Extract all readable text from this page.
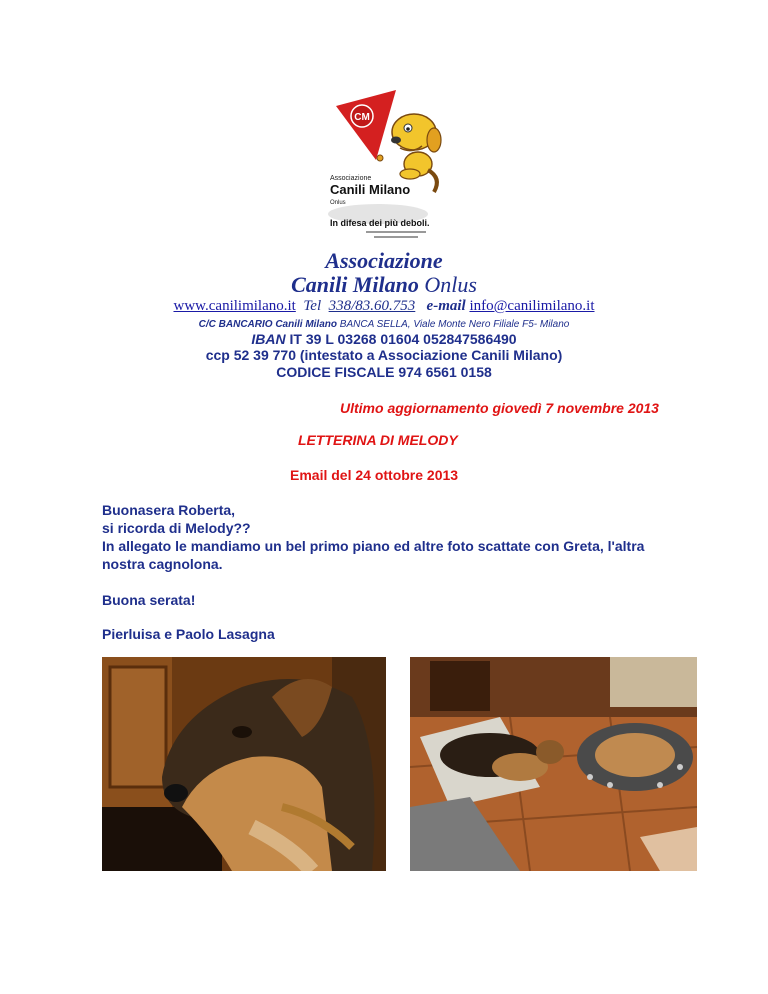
CM
Associazione
Canili Milano
Onlus
In difesa dei più deboli.
Associazione
Canili Milano Onlus
www.canilimilano.it Tel 338/83.60.753 e-mail info@canilimilano.it
C/C BANCARIO Canili Milano BANCA SELLA, Viale Monte Nero Filiale F5- Milano
IBAN IT 39 L 03268 01604 052847586490
ccp 52 39 770 (intestato a Associazione Canili Milano)
CODICE FISCALE 974 6561 0158
Ultimo aggiornamento giovedì 7 novembre 2013
LETTERINA DI MELODY
Email del 24 ottobre 2013
Buonasera Roberta,
si ricorda di Melody??
In allegato le mandiamo un bel primo piano ed altre foto scattate con Greta, l'altra
nostra cagnolona.
Buona serata!
Pierluisa e Paolo Lasagna
